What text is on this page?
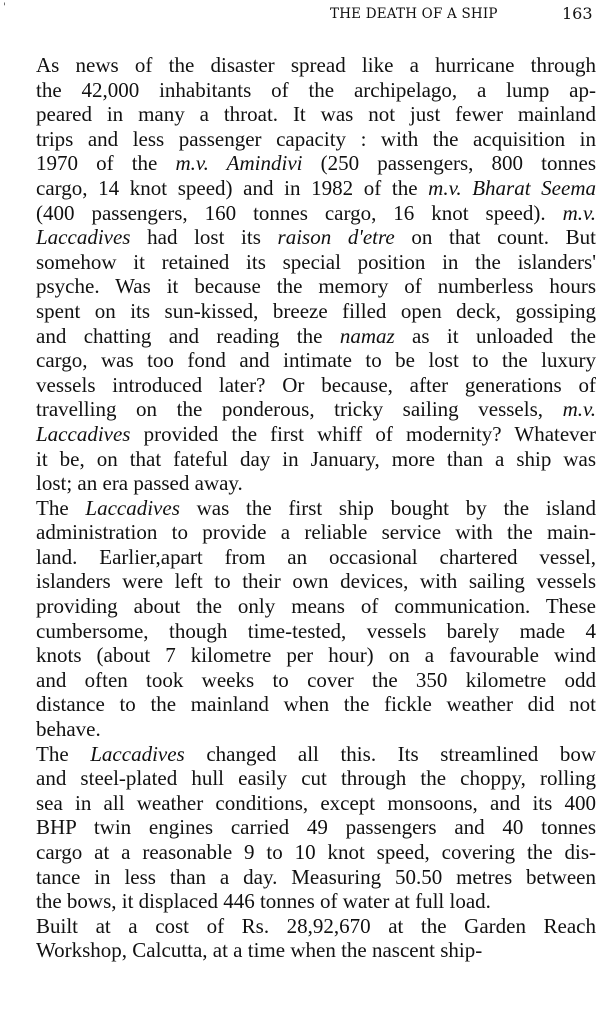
'	THE DEATH OF A SHIP	163
As news of the disaster spread like a hurricane through
the 42,000 inhabitants of the archipelago, a lump ap-
peared in many a throat. It was not just fewer mainland
trips and less passenger capacity : with the acquisition in
1970 of the m.v. Amindivi (250 passengers, 800 tonnes
cargo, 14 knot speed) and in 1982 of the m.v. Bharat Seema
(400 passengers, 160 tonnes cargo, 16 knot speed). m.v.
Laccadives had lost its raison d'etre on that count. But
somehow it retained its special position in the islanders'
psyche. Was it because the memory of numberless hours
spent on its sun-kissed, breeze filled open deck, gossiping
and chatting and reading the namaz as it unloaded the
cargo, was too fond and intimate to be lost to the luxury
vessels introduced later? Or because, after generations of
travelling on the ponderous, tricky sailing vessels, m.v.
Laccadives provided the first whiff of modernity? Whatever
it be, on that fateful day in January, more than a ship was
lost; an era passed away.
The Laccadives was the first ship bought by the island
administration to provide a reliable service with the main-
land. Earlier,apart from an occasional chartered vessel,
islanders were left to their own devices, with sailing vessels
providing about the only means of communication. These
cumbersome, though time-tested, vessels barely made 4
knots (about 7 kilometre per hour) on a favourable wind
and often took weeks to cover the 350 kilometre odd
distance to the mainland when the fickle weather did not
behave.
The Laccadives changed all this. Its streamlined bow
and steel-plated hull easily cut through the choppy, rolling
sea in all weather conditions, except monsoons, and its 400
BHP twin engines carried 49 passengers and 40 tonnes
cargo at a reasonable 9 to 10 knot speed, covering the dis-
tance in less than a day. Measuring 50.50 metres between
the bows, it displaced 446 tonnes of water at full load.
Built at a cost of Rs. 28,92,670 at the Garden Reach
Workshop, Calcutta, at a time when the nascent ship-
